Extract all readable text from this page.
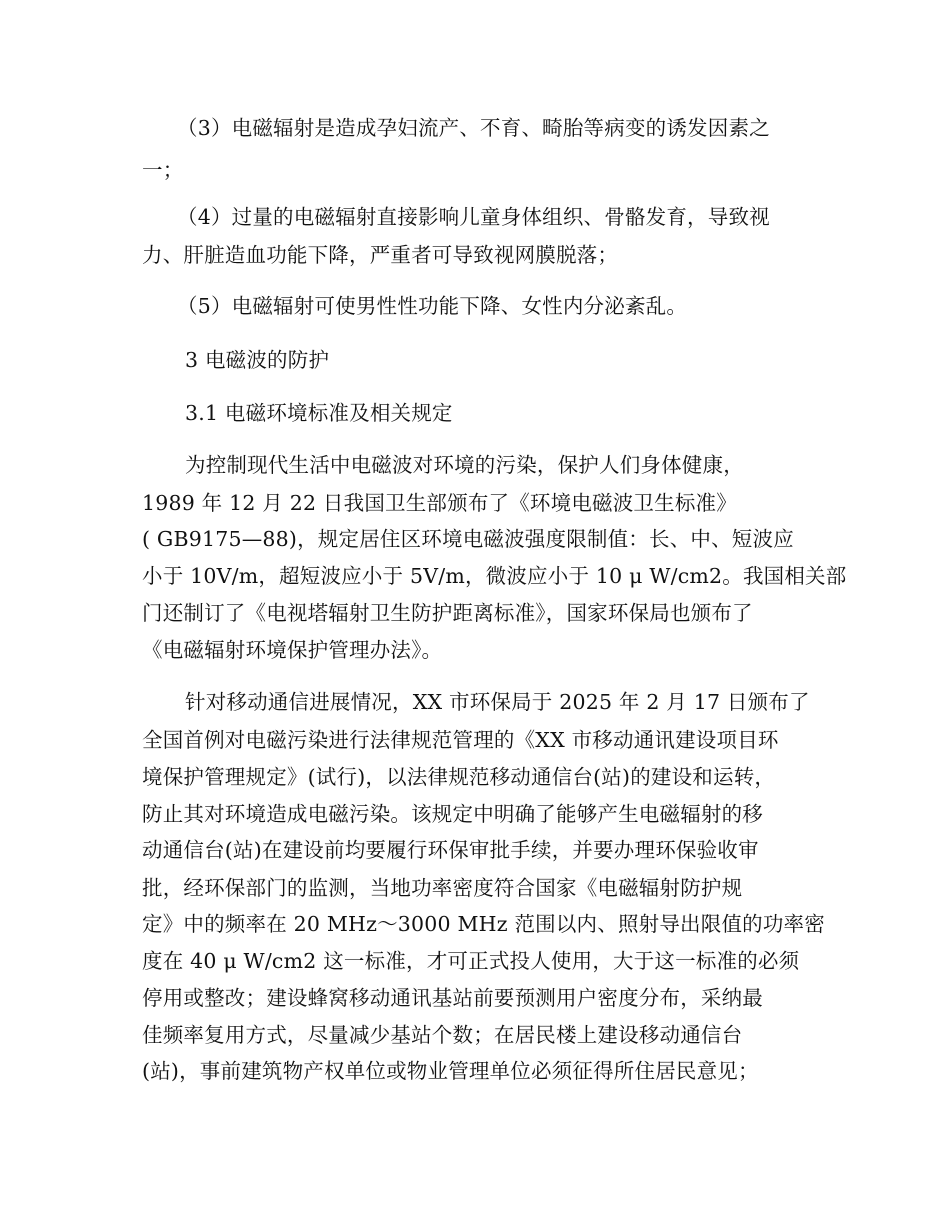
（3）电磁辐射是造成孕妇流产、不育、畸胎等病变的诱发因素之
一；
（4）过量的电磁辐射直接影响儿童身体组织、骨骼发育，导致视
力、肝脏造血功能下降，严重者可导致视网膜脱落；
（5）电磁辐射可使男性性功能下降、女性内分泌紊乱。
3 电磁波的防护
3.1 电磁环境标准及相关规定
为控制现代生活中电磁波对环境的污染，保护人们身体健康，
1989 年 12 月 22 日我国卫生部颁布了《环境电磁波卫生标准》
( GB9175—88)，规定居住区环境电磁波强度限制值：长、中、短波应
小于 10V/m，超短波应小于 5V/m，微波应小于 10 μ W/cm2。我国相关部
门还制订了《电视塔辐射卫生防护距离标准》，国家环保局也颁布了
《电磁辐射环境保护管理办法》。
针对移动通信进展情况，XX 市环保局于 2025 年 2 月 17 日颁布了
全国首例对电磁污染进行法律规范管理的《XX 市移动通讯建设项目环
境保护管理规定》(试行)，以法律规范移动通信台(站)的建设和运转，
防止其对环境造成电磁污染。该规定中明确了能够产生电磁辐射的移
动通信台(站)在建设前均要履行环保审批手续，并要办理环保验收审
批，经环保部门的监测，当地功率密度符合国家《电磁辐射防护规
定》中的频率在 20 MHz～3000 MHz 范围以内、照射导出限值的功率密
度在 40 μ W/cm2 这一标准，才可正式投人使用，大于这一标准的必须
停用或整改；建设蜂窝移动通讯基站前要预测用户密度分布，采纳最
佳频率复用方式，尽量减少基站个数；在居民楼上建设移动通信台
(站)，事前建筑物产权单位或物业管理单位必须征得所住居民意见；
